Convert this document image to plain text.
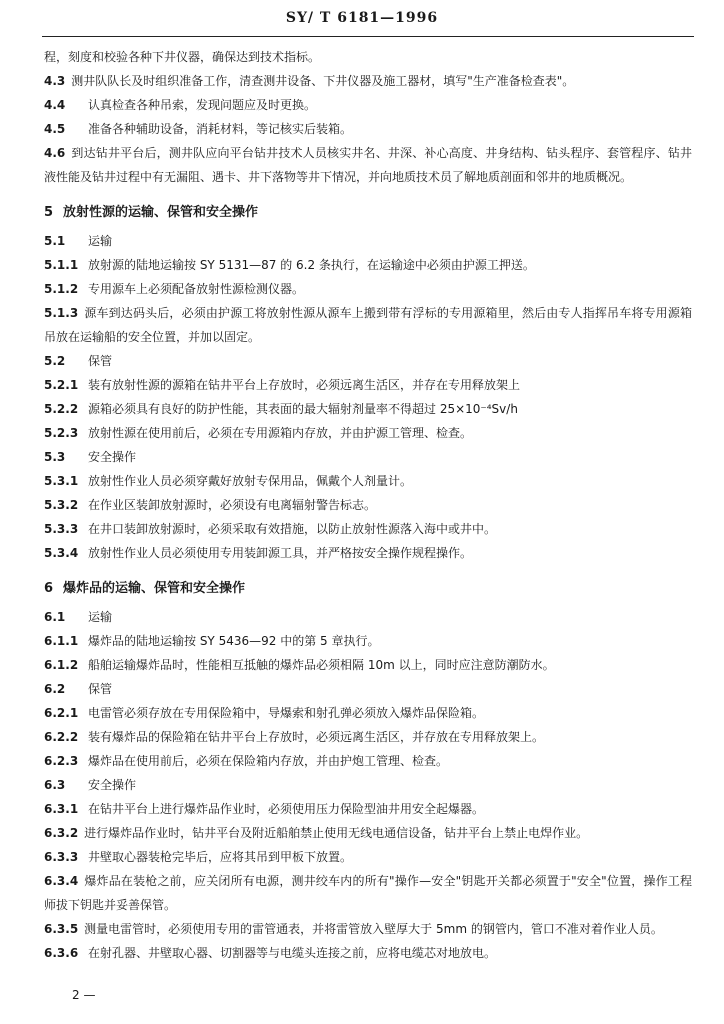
SY/ T 6181—1996

程，刻度和校验各种下井仪器，确保达到技术指标。

4.3 测井队队长及时组织准备工作，清查测井设备、下井仪器及施工器材，填写"生产准备检查表"。

4.4 认真检查各种吊索，发现问题应及时更换。

4.5 准备各种辅助设备，消耗材料，等记核实后装箱。

4.6 到达钻井平台后，测井队应向平台钻井技术人员核实井名、井深、补心高度、井身结构、钻头程序、套管程序、钻井液性能及钻井过程中有无漏阻、遇卡、井下落物等井下情况，并向地质技术员了解地质剖面和邻井的地质概况。

5 放射性源的运输、保管和安全操作

5.1 运输

5.1.1 放射源的陆地运输按 SY 5131—87 的 6.2 条执行，在运输途中必须由护源工押送。

5.1.2 专用源车上必须配备放射性源检测仪器。

5.1.3 源车到达码头后，必须由护源工将放射性源从源车上搬到带有浮标的专用源箱里，然后由专人指挥吊车将专用源箱吊放在运输船的安全位置，并加以固定。

5.2 保管

5.2.1 装有放射性源的源箱在钻井平台上存放时，必须远离生活区，并存在专用释放架上

5.2.2 源箱必须具有良好的防护性能，其表面的最大辐射剂量率不得超过 25×10⁻⁴Sv/h

5.2.3 放射性源在使用前后，必须在专用源箱内存放，并由护源工管理、检查。

5.3 安全操作

5.3.1 放射性作业人员必须穿戴好放射专保用品，佩戴个人剂量计。

5.3.2 在作业区装卸放射源时，必须设有电离辐射警告标志。

5.3.3 在井口装卸放射源时，必须采取有效措施，以防止放射性源落入海中或井中。

5.3.4 放射性作业人员必须使用专用装卸源工具，并严格按安全操作规程操作。

6 爆炸品的运输、保管和安全操作

6.1 运输

6.1.1 爆炸品的陆地运输按 SY 5436—92 中的第 5 章执行。

6.1.2 船舶运输爆炸品时，性能相互抵触的爆炸品必须相隔 10m 以上，同时应注意防潮防水。

6.2 保管

6.2.1 电雷管必须存放在专用保险箱中，导爆索和射孔弹必须放入爆炸品保险箱。

6.2.2 装有爆炸品的保险箱在钻井平台上存放时，必须远离生活区，并存放在专用释放架上。

6.2.3 爆炸品在使用前后，必须在保险箱内存放，并由护炮工管理、检查。

6.3 安全操作

6.3.1 在钻井平台上进行爆炸品作业时，必须使用压力保险型油井用安全起爆器。

6.3.2 进行爆炸品作业时，钻井平台及附近船舶禁止使用无线电通信设备，钻井平台上禁止电焊作业。

6.3.3 井壁取心器装枪完毕后，应将其吊到甲板下放置。

6.3.4 爆炸品在装枪之前，应关闭所有电源，测井绞车内的所有"操作—安全"钥匙开关都必须置于"安全"位置，操作工程师拔下钥匙并妥善保管。

6.3.5 测量电雷管时，必须使用专用的雷管通表，并将雷管放入壁厚大于 5mm 的钢管内，管口不准对着作业人员。

6.3.6 在射孔器、井壁取心器、切割器等与电缆头连接之前，应将电缆芯对地放电。

2 —
